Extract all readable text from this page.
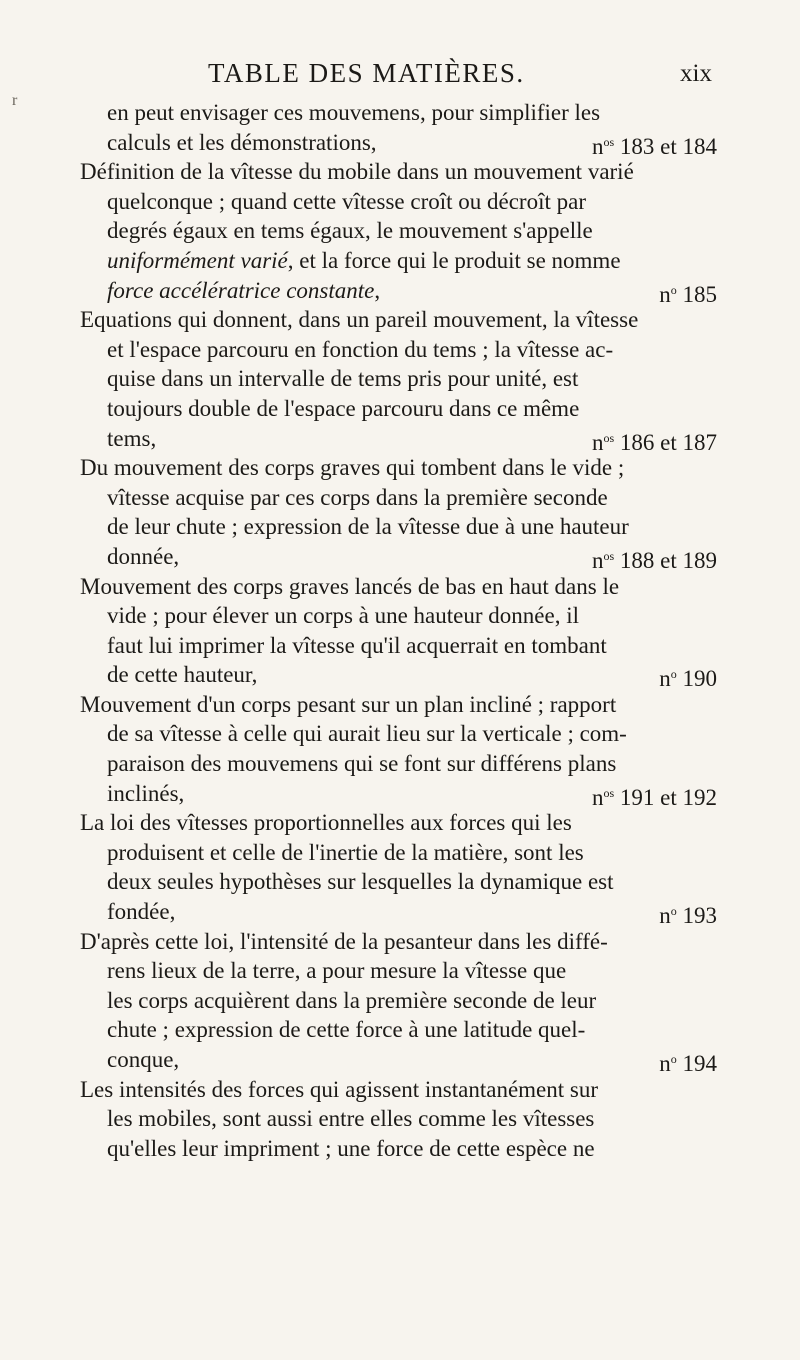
TABLE DES MATIÈRES.	xix
r	en peut envisager ces mouvemens, pour simplifier les
calculs et les démonstrations,	$n^{os}$ 183 et 184
Définition de la vîtesse du mobile dans un mouvement varié
quelconque ; quand cette vîtesse croît ou décroît par
degrés égaux en tems égaux, le mouvement s'appelle
uniformément varié, et la force qui le produit se nomme
force accélératrice constante,	$n^o$ 185
Equations qui donnent, dans un pareil mouvement, la vîtesse
et l'espace parcouru en fonction du tems ; la vîtesse ac-
quise dans un intervalle de tems pris pour unité, est
toujours double de l'espace parcouru dans ce même
tems,	$n^{os}$ 186 et 187
Du mouvement des corps graves qui tombent dans le vide ;
vîtesse acquise par ces corps dans la première seconde
de leur chute ; expression de la vîtesse due à une hauteur
donnée,	$n^{os}$ 188 et 189
Mouvement des corps graves lancés de bas en haut dans le
vide ; pour élever un corps à une hauteur donnée, il
faut lui imprimer la vîtesse qu'il acquerrait en tombant
de cette hauteur,	$n^o$ 190
Mouvement d'un corps pesant sur un plan incliné ; rapport
de sa vîtesse à celle qui aurait lieu sur la verticale ; com-
paraison des mouvemens qui se font sur différens plans
inclinés,	$n^{os}$ 191 et 192
La loi des vîtesses proportionnelles aux forces qui les
produisent et celle de l'inertie de la matière, sont les
deux seules hypothèses sur lesquelles la dynamique est
fondée,	$n^o$ 193
D'après cette loi, l'intensité de la pesanteur dans les diffé-
rens lieux de la terre, a pour mesure la vîtesse que
les corps acquièrent dans la première seconde de leur
chute ; expression de cette force à une latitude quel-
conque,	$n^o$ 194
Les intensités des forces qui agissent instantanément sur
les mobiles, sont aussi entre elles comme les vîtesses
qu'elles leur impriment ; une force de cette espèce ne
